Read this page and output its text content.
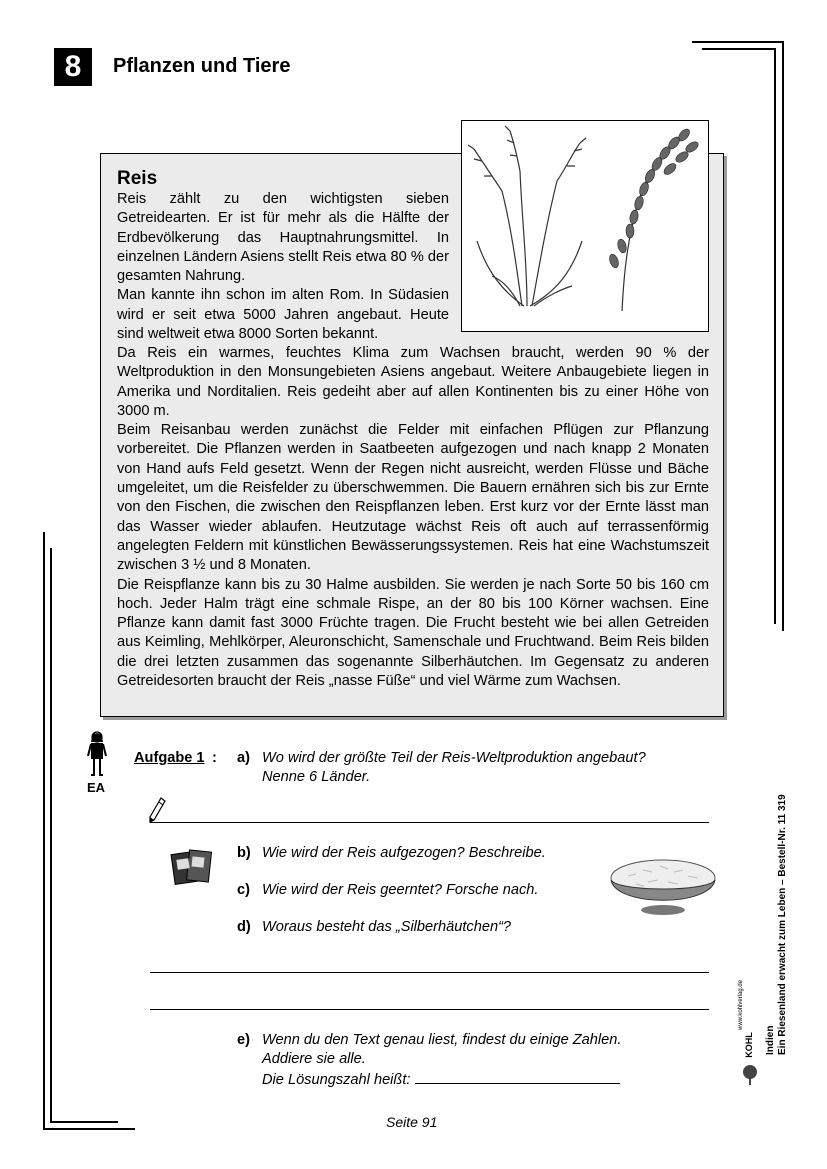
8	Pflanzen und Tiere
Reis

Reis zählt zu den wichtigsten sieben Getreidearten. Er ist für mehr als die Hälfte der Erdbevölkerung das Hauptnahrungsmittel. In einzelnen Ländern Asiens stellt Reis etwa 80 % der gesamten Nahrung.

Man kannte ihn schon im alten Rom. In Südasien wird er seit etwa 5000 Jahren angebaut. Heute sind weltweit etwa 8000 Sorten bekannt.

Da Reis ein warmes, feuchtes Klima zum Wachsen braucht, werden 90 % der Weltproduktion in den Monsungebieten Asiens angebaut. Weitere Anbaugebiete liegen in Amerika und Norditalien. Reis gedeiht aber auf allen Kontinenten bis zu einer Höhe von 3000 m.

Beim Reisanbau werden zunächst die Felder mit einfachen Pflügen zur Pflanzung vorbereitet. Die Pflanzen werden in Saatbeeten aufgezogen und nach knapp 2 Monaten von Hand aufs Feld gesetzt. Wenn der Regen nicht ausreicht, werden Flüsse und Bäche umgeleitet, um die Reisfelder zu überschwemmen. Die Bauern ernähren sich bis zur Ernte von den Fischen, die zwischen den Reispflanzen leben. Erst kurz vor der Ernte lässt man das Wasser wieder ablaufen. Heutzutage wächst Reis oft auch auf terrassenförmig angelegten Feldern mit künstlichen Bewässerungssystemen. Reis hat eine Wachstumszeit zwischen 3 ½ und 8 Monaten.

Die Reispflanze kann bis zu 30 Halme ausbilden. Sie werden je nach Sorte 50 bis 160 cm hoch. Jeder Halm trägt eine schmale Rispe, an der 80 bis 100 Körner wachsen. Eine Pflanze kann damit fast 3000 Früchte tragen. Die Frucht besteht wie bei allen Getreiden aus Keimling, Mehlkörper, Aleuronschicht, Samenschale und Fruchtwand. Beim Reis bilden die drei letzten zusammen das sogenannte Silberhäutchen. Im Gegensatz zu anderen Getreidesorten braucht der Reis „nasse Füße“ und viel Wärme zum Wachsen.

EA
Aufgabe 1 : a) Wo wird der größte Teil der Reis-Weltproduktion angebaut?
Nenne 6 Länder.
b) Wie wird der Reis aufgezogen? Beschreibe.
c) Wie wird der Reis geerntet? Forsche nach.
d) Woraus besteht das „Silberhäutchen“?
e) Wenn du den Text genau liest, findest du einige Zahlen.
Addiere sie alle.
Die Lösungszahl heißt:
Ein Riesenland erwacht zum Leben – Bestell-Nr. 11 319
Indien
KOHL
www.kohlverlag.de
Seite 91
